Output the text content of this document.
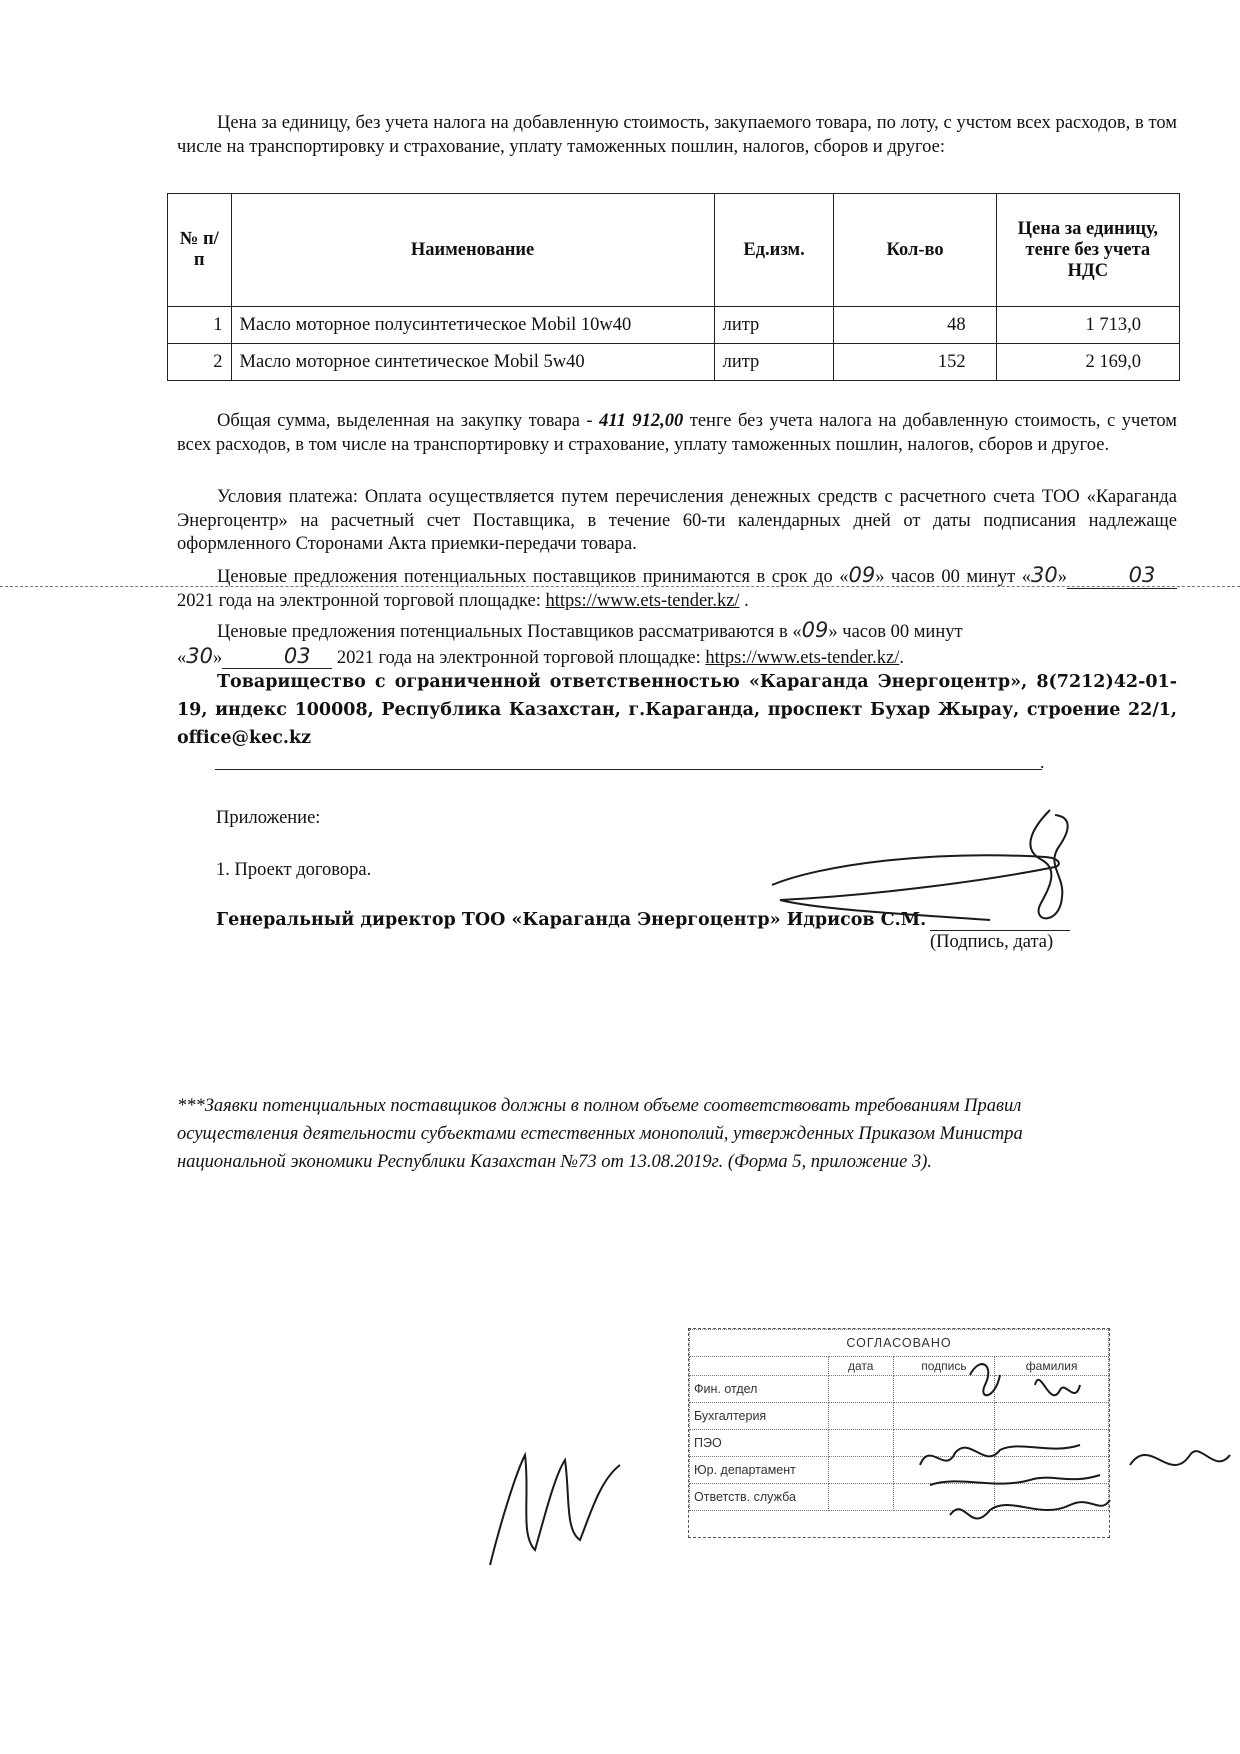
Цена за единицу, без учета налога на добавленную стоимость, закупаемого товара, по лоту, с учстом всех расходов, в том числе на транспортировку и страхование, уплату таможенных пошлин, налогов, сборов и другое:

№ п/п	Наименование	Ед.изм.	Кол-во	Цена за единицу, тенге без учета НДС
1	Масло моторное полусинтетическое Mobil 10w40	литр	48	1 713,0
2	Масло моторное синтетическое Mobil 5w40	литр	152	2 169,0

Общая сумма, выделенная на закупку товара - 411 912,00 тенге без учета налога на добавленную стоимость, с учетом всех расходов, в том числе на транспортировку и страхование, уплату таможенных пошлин, налогов, сборов и другое.

Условия платежа: Оплата осуществляется путем перечисления денежных средств с расчетного счета ТОО «Караганда Энергоцентр» на расчетный счет Поставщика, в течение 60-ти календарных дней от даты подписания надлежаще оформленного Сторонами Акта приемки-передачи товара.

Ценовые предложения потенциальных поставщиков принимаются в срок до «09» часов 00 минут «30»	03 2021 года на электронной торговой площадке: https://www.ets-tender.kz/ .

Ценовые предложения потенциальных Поставщиков рассматриваются в «09» часов 00 минут
«30»	03 2021 года на электронной торговой площадке: https://www.ets-tender.kz/.

Товарищество с ограниченной ответственностью «Караганда Энергоцентр», 8(7212)42-01-19, индекс 100008, Республика Казахстан, г.Караганда, проспект Бухар Жырау, строение 22/1, office@kec.kz

.
Приложение:
1. Проект договора.
Генеральный директор ТОО «Караганда Энергоцентр» Идрисов С.М.
(Подпись, дата)

***Заявки потенциальных поставщиков должны в полном объеме соответствовать требованиям Правил осуществления деятельности субъектами естественных монополий, утвержденных Приказом Министра национальной экономики Республики Казахстан №73 от 13.08.2019г. (Форма 5, приложение 3).

СОГЛАСОВАНО			
	дата	подпись	фамилия
Фин. отдел			
Бухгалтерия			
ПЭО			
Юр. департамент			
Ответств. служба			
